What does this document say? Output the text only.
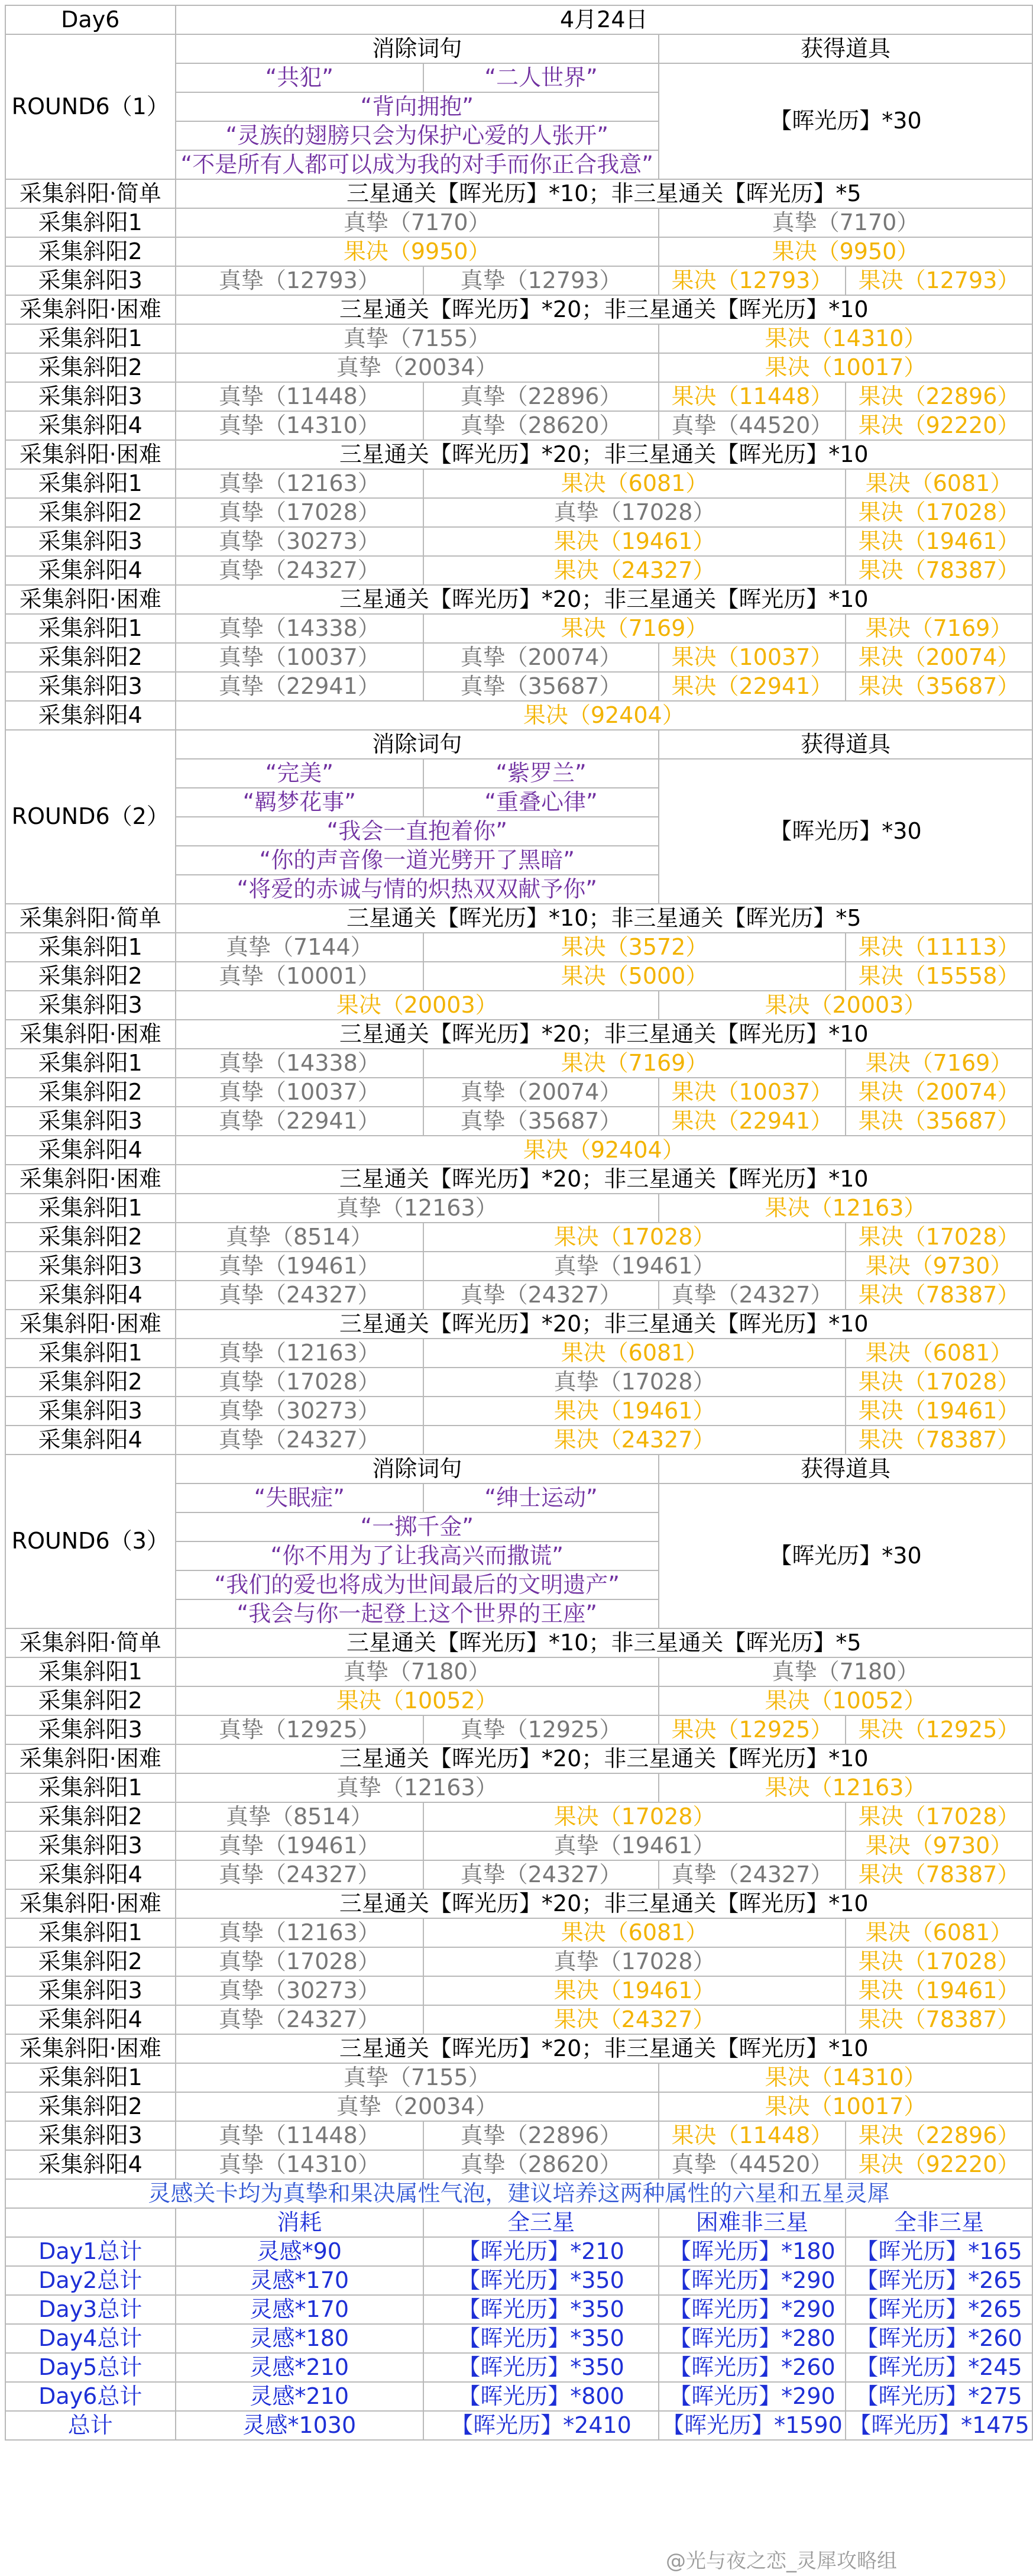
Day6	4月24日			
ROUND6（1）	消除词句		获得道具	
	“共犯”	“二人世界”	【晖光历】*30	
	“背向拥抱”			
	“灵族的翅膀只会为保护心爱的人张开”			
	“不是所有人都可以成为我的对手而你正合我意”			
采集斜阳·简单	三星通关【晖光历】*10；非三星通关【晖光历】*5			
采集斜阳1	真挚（7170）		真挚（7170）	
采集斜阳2	果决（9950）		果决（9950）	
采集斜阳3	真挚（12793）	真挚（12793）	果决（12793）	果决（12793）
采集斜阳·困难	三星通关【晖光历】*20；非三星通关【晖光历】*10			
采集斜阳1	真挚（7155）		果决（14310）	
采集斜阳2	真挚（20034）		果决（10017）	
采集斜阳3	真挚（11448）	真挚（22896）	果决（11448）	果决（22896）
采集斜阳4	真挚（14310）	真挚（28620）	真挚（44520）	果决（92220）
采集斜阳·困难	三星通关【晖光历】*20；非三星通关【晖光历】*10			
采集斜阳1	真挚（12163）	果决（6081）		果决（6081）
采集斜阳2	真挚（17028）	真挚（17028）		果决（17028）
采集斜阳3	真挚（30273）	果决（19461）		果决（19461）
采集斜阳4	真挚（24327）	果决（24327）		果决（78387）
采集斜阳·困难	三星通关【晖光历】*20；非三星通关【晖光历】*10			
采集斜阳1	真挚（14338）	果决（7169）		果决（7169）
采集斜阳2	真挚（10037）	真挚（20074）	果决（10037）	果决（20074）
采集斜阳3	真挚（22941）	真挚（35687）	果决（22941）	果决（35687）
采集斜阳4	果决（92404）			
ROUND6（2）	消除词句		获得道具	
	“完美”	“紫罗兰”	【晖光历】*30	
	“羁梦花事”	“重叠心律”		
	“我会一直抱着你”			
	“你的声音像一道光劈开了黑暗”			
	“将爱的赤诚与情的炽热双双献予你”			
采集斜阳·简单	三星通关【晖光历】*10；非三星通关【晖光历】*5			
采集斜阳1	真挚（7144）	果决（3572）		果决（11113）
采集斜阳2	真挚（10001）	果决（5000）		果决（15558）
采集斜阳3	果决（20003）		果决（20003）	
采集斜阳·困难	三星通关【晖光历】*20；非三星通关【晖光历】*10			
采集斜阳1	真挚（14338）	果决（7169）		果决（7169）
采集斜阳2	真挚（10037）	真挚（20074）	果决（10037）	果决（20074）
采集斜阳3	真挚（22941）	真挚（35687）	果决（22941）	果决（35687）
采集斜阳4	果决（92404）			
采集斜阳·困难	三星通关【晖光历】*20；非三星通关【晖光历】*10			
采集斜阳1	真挚（12163）		果决（12163）	
采集斜阳2	真挚（8514）	果决（17028）		果决（17028）
采集斜阳3	真挚（19461）	真挚（19461）		果决（9730）
采集斜阳4	真挚（24327）	真挚（24327）	真挚（24327）	果决（78387）
采集斜阳·困难	三星通关【晖光历】*20；非三星通关【晖光历】*10			
采集斜阳1	真挚（12163）	果决（6081）		果决（6081）
采集斜阳2	真挚（17028）	真挚（17028）		果决（17028）
采集斜阳3	真挚（30273）	果决（19461）		果决（19461）
采集斜阳4	真挚（24327）	果决（24327）		果决（78387）
ROUND6（3）	消除词句		获得道具	
	“失眠症”	“绅士运动”	【晖光历】*30	
	“一掷千金”			
	“你不用为了让我高兴而撒谎”			
	“我们的爱也将成为世间最后的文明遗产”			
	“我会与你一起登上这个世界的王座”			
采集斜阳·简单	三星通关【晖光历】*10；非三星通关【晖光历】*5			
采集斜阳1	真挚（7180）		真挚（7180）	
采集斜阳2	果决（10052）		果决（10052）	
采集斜阳3	真挚（12925）	真挚（12925）	果决（12925）	果决（12925）
采集斜阳·困难	三星通关【晖光历】*20；非三星通关【晖光历】*10			
采集斜阳1	真挚（12163）		果决（12163）	
采集斜阳2	真挚（8514）	果决（17028）		果决（17028）
采集斜阳3	真挚（19461）	真挚（19461）		果决（9730）
采集斜阳4	真挚（24327）	真挚（24327）	真挚（24327）	果决（78387）
采集斜阳·困难	三星通关【晖光历】*20；非三星通关【晖光历】*10			
采集斜阳1	真挚（12163）	果决（6081）		果决（6081）
采集斜阳2	真挚（17028）	真挚（17028）		果决（17028）
采集斜阳3	真挚（30273）	果决（19461）		果决（19461）
采集斜阳4	真挚（24327）	果决（24327）		果决（78387）
采集斜阳·困难	三星通关【晖光历】*20；非三星通关【晖光历】*10			
采集斜阳1	真挚（7155）		果决（14310）	
采集斜阳2	真挚（20034）		果决（10017）	
采集斜阳3	真挚（11448）	真挚（22896）	果决（11448）	果决（22896）
采集斜阳4	真挚（14310）	真挚（28620）	真挚（44520）	果决（92220）
灵感关卡均为真挚和果决属性气泡，建议培养这两种属性的六星和五星灵犀				
	消耗	全三星	困难非三星	全非三星
Day1总计	灵感*90	【晖光历】*210	【晖光历】*180	【晖光历】*165
Day2总计	灵感*170	【晖光历】*350	【晖光历】*290	【晖光历】*265
Day3总计	灵感*170	【晖光历】*350	【晖光历】*290	【晖光历】*265
Day4总计	灵感*180	【晖光历】*350	【晖光历】*280	【晖光历】*260
Day5总计	灵感*210	【晖光历】*350	【晖光历】*260	【晖光历】*245
Day6总计	灵感*210	【晖光历】*800	【晖光历】*290	【晖光历】*275
总计	灵感*1030	【晖光历】*2410	【晖光历】*1590	【晖光历】*1475
@光与夜之恋_灵犀攻略组
